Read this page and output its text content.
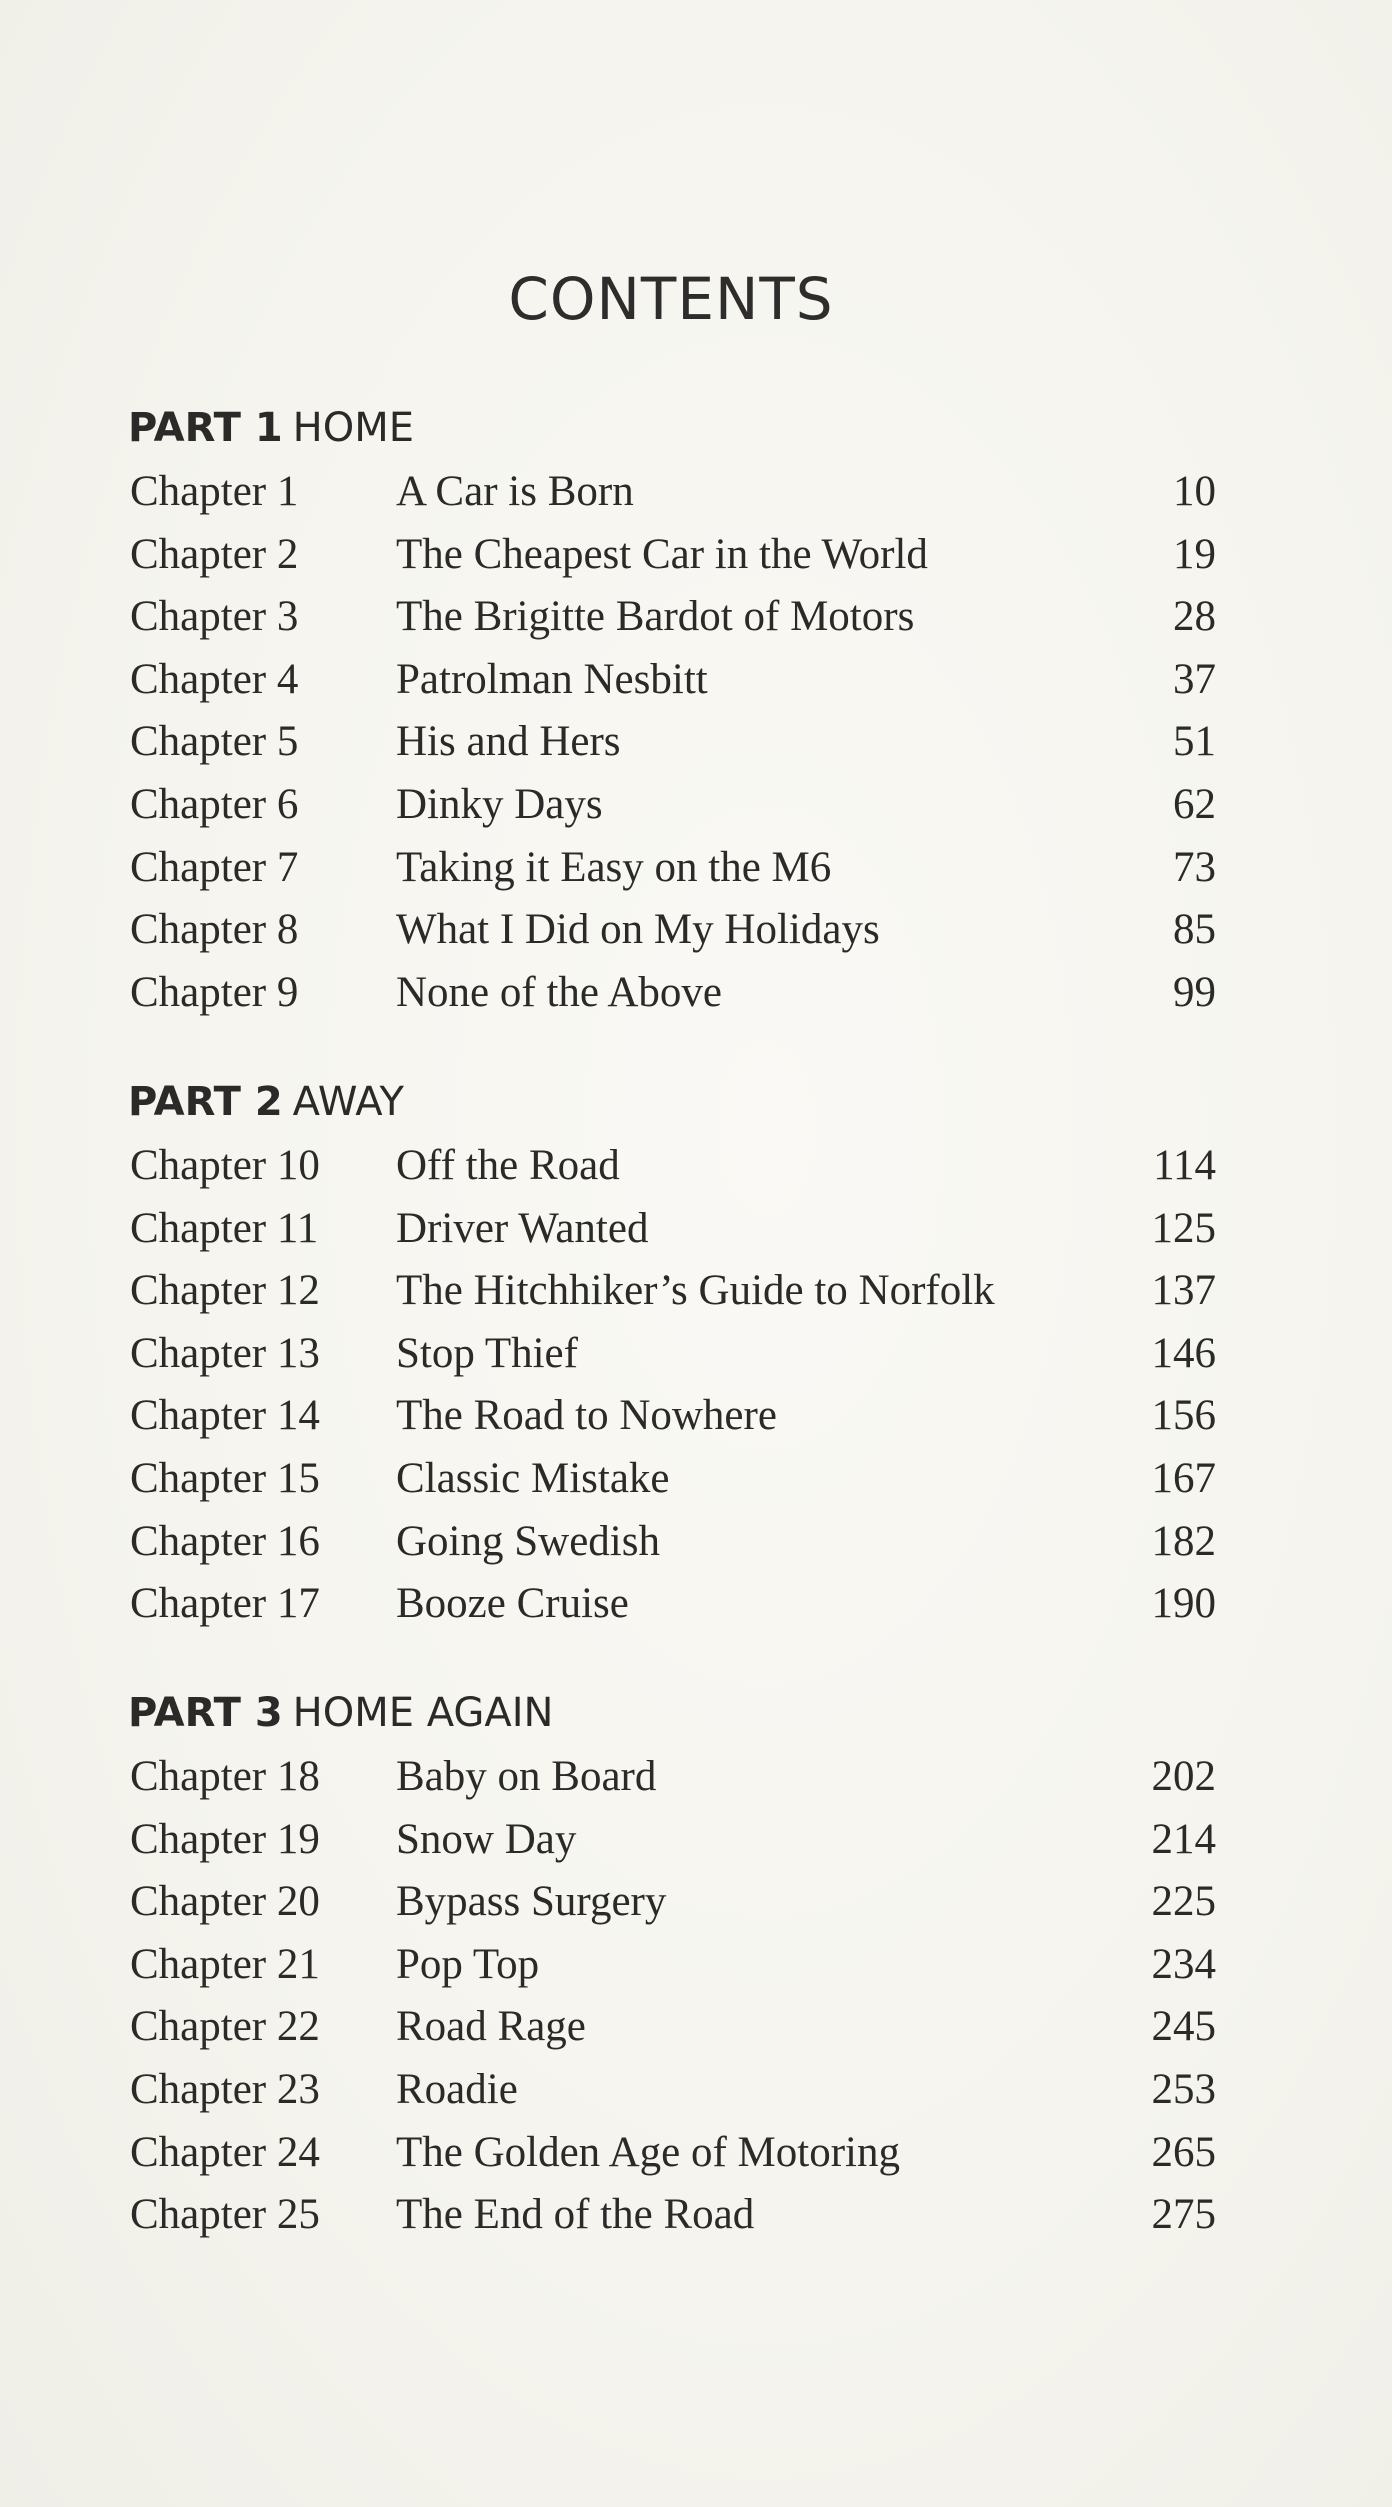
CONTENTS
PART 1 HOME
Chapter 1 A Car is Born	10
Chapter 2 The Cheapest Car in the World	19
Chapter 3 The Brigitte Bardot of Motors	28
Chapter 4 Patrolman Nesbitt	37
Chapter 5 His and Hers	51
Chapter 6 Dinky Days	62
Chapter 7 Taking it Easy on the M6	73
Chapter 8 What I Did on My Holidays	85
Chapter 9 None of the Above	99
PART 2 AWAY
Chapter 10 Off the Road	114
Chapter 11 Driver Wanted	125
Chapter 12 The Hitchhiker’s Guide to Norfolk	137
Chapter 13 Stop Thief	146
Chapter 14 The Road to Nowhere	156
Chapter 15 Classic Mistake	167
Chapter 16 Going Swedish	182
Chapter 17 Booze Cruise	190
PART 3 HOME AGAIN
Chapter 18 Baby on Board	202
Chapter 19 Snow Day	214
Chapter 20 Bypass Surgery	225
Chapter 21 Pop Top	234
Chapter 22 Road Rage	245
Chapter 23 Roadie	253
Chapter 24 The Golden Age of Motoring	265
Chapter 25 The End of the Road	275
